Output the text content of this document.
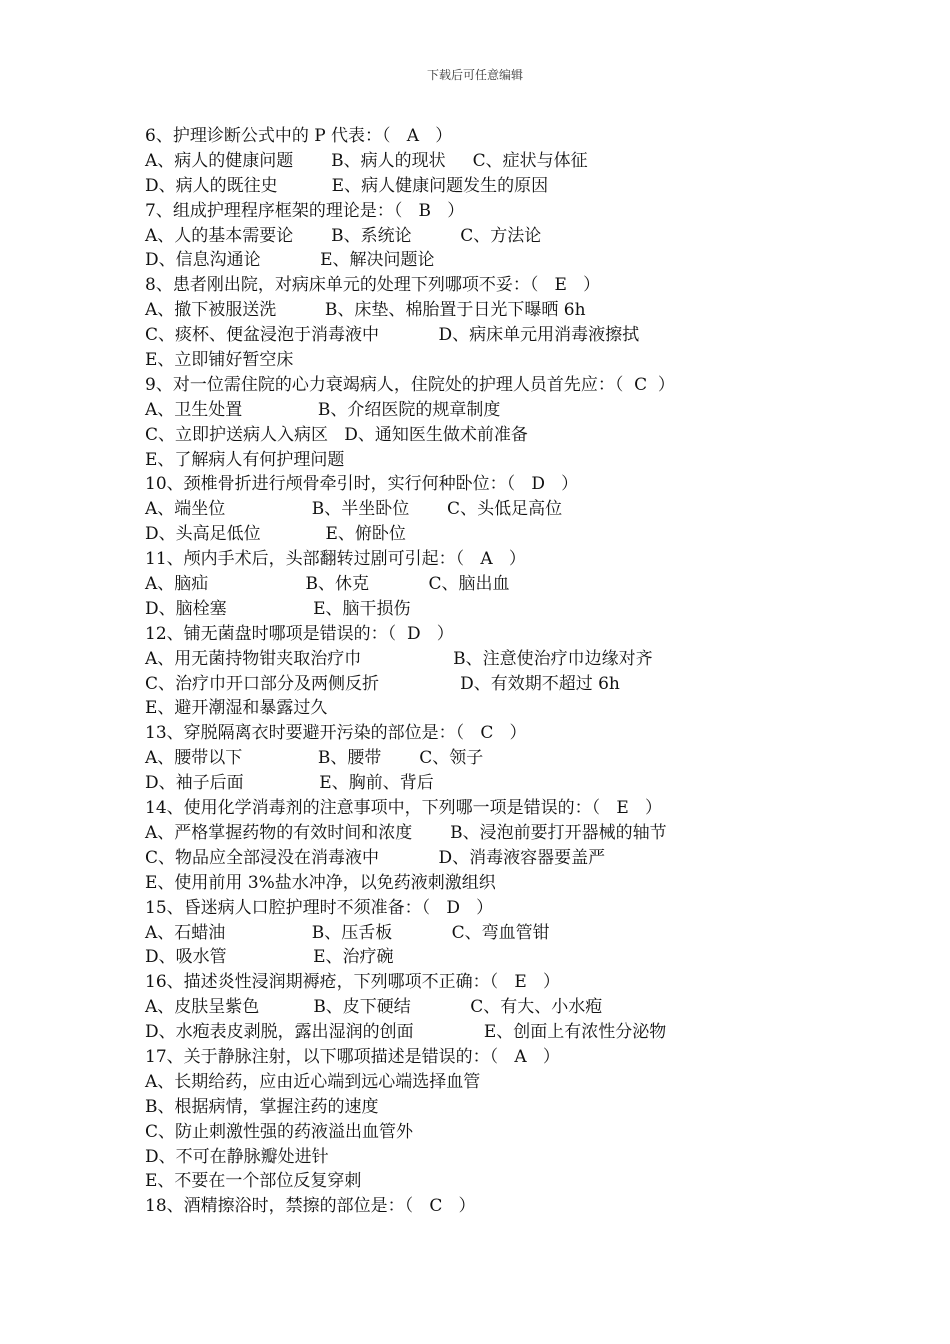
下载后可任意编辑
6、护理诊断公式中的 P 代表：（   A   ）
A、病人的健康问题       B、病人的现状     C、症状与体征
D、病人的既往史          E、病人健康问题发生的原因
7、组成护理程序框架的理论是：（   B   ）
A、人的基本需要论       B、系统论         C、方法论
D、信息沟通论           E、解决问题论
8、患者刚出院，对病床单元的处理下列哪项不妥：（   E   ）
A、撤下被服送洗         B、床垫、棉胎置于日光下曝晒 6h
C、痰杯、便盆浸泡于消毒液中           D、病床单元用消毒液擦拭
E、立即铺好暂空床
9、对一位需住院的心力衰竭病人，住院处的护理人员首先应：（  C  ）
A、卫生处置              B、介绍医院的规章制度
C、立即护送病人入病区   D、通知医生做术前准备
E、了解病人有何护理问题
10、颈椎骨折进行颅骨牵引时，实行何种卧位：（   D   ）
A、端坐位                B、半坐卧位       C、头低足高位
D、头高足低位            E、俯卧位
11、颅内手术后，头部翻转过剧可引起：（   A   ）
A、脑疝                  B、休克           C、脑出血
D、脑栓塞                E、脑干损伤
12、铺无菌盘时哪项是错误的：（  D   ）
A、用无菌持物钳夹取治疗巾                 B、注意使治疗巾边缘对齐
C、治疗巾开口部分及两侧反折               D、有效期不超过 6h
E、避开潮湿和暴露过久
13、穿脱隔离衣时要避开污染的部位是：（   C   ）
A、腰带以下              B、腰带       C、领子
D、袖子后面              E、胸前、背后
14、使用化学消毒剂的注意事项中，下列哪一项是错误的：（   E   ）
A、严格掌握药物的有效时间和浓度       B、浸泡前要打开器械的轴节
C、物品应全部浸没在消毒液中           D、消毒液容器要盖严
E、使用前用 3%盐水冲净，以免药液刺激组织
15、昏迷病人口腔护理时不须准备：（   D   ）
A、石蜡油                B、压舌板           C、弯血管钳
D、吸水管                E、治疗碗
16、描述炎性浸润期褥疮，下列哪项不正确：（   E   ）
A、皮肤呈紫色          B、皮下硬结           C、有大、小水疱
D、水疱表皮剥脱，露出湿润的创面             E、创面上有浓性分泌物
17、关于静脉注射，以下哪项描述是错误的：（   A   ）
A、长期给药，应由近心端到远心端选择血管
B、根据病情，掌握注药的速度
C、防止刺激性强的药液溢出血管外
D、不可在静脉瓣处进针
E、不要在一个部位反复穿刺
18、酒精擦浴时，禁擦的部位是：（   C   ）
